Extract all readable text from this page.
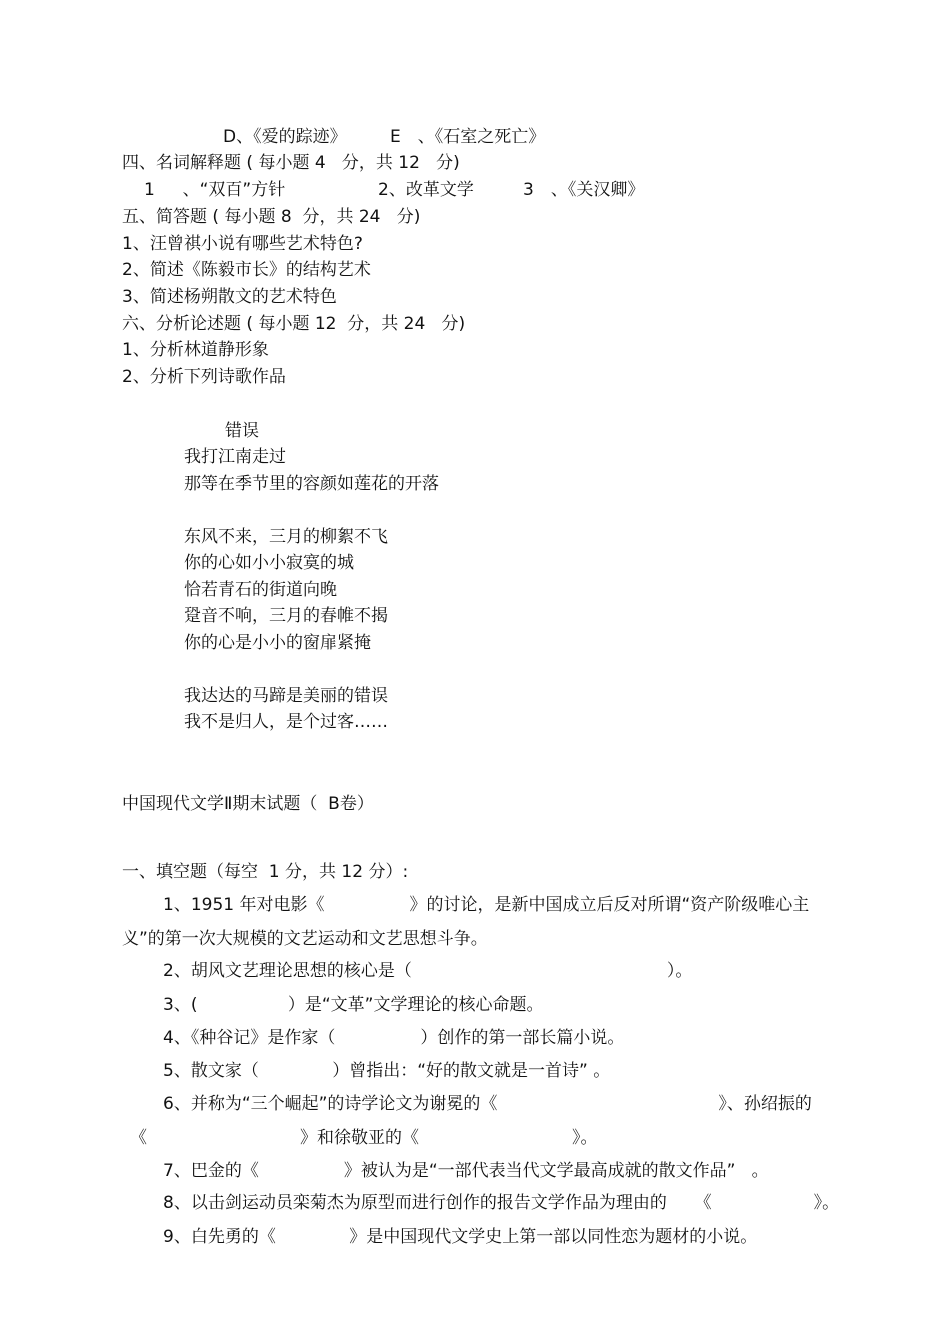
D、《爱的踪迹》	E　、《石室之死亡》
四、名词解释题 ( 每小题 4   分，共 12   分)
1  　、“双百”方针	2、改革文学	3　、《关汉卿》
五、简答题 ( 每小题 8  分，共 24   分)
1、汪曾祺小说有哪些艺术特色?
2、简述《陈毅市长》的结构艺术
3、简述杨朔散文的艺术特色
六、分析论述题 ( 每小题 12  分，共 24   分)
1、分析林道静形象
2、分析下列诗歌作品
错误
我打江南走过
那等在季节里的容颜如莲花的开落
东风不来，三月的柳絮不飞
你的心如小小寂寞的城
恰若青石的街道向晚
跫音不响，三月的春帷不揭
你的心是小小的窗扉紧掩
我达达的马蹄是美丽的错误
我不是归人，是个过客……
中国现代文学Ⅱ期末试题（  B卷）
一、填空题（每空  1 分，共 12 分）:
1、1951 年对电影《　　　　　》的讨论，是新中国成立后反对所谓“资产阶级唯心主
义”的第一次大规模的文艺运动和文艺思想斗争。
2、胡风文艺理论思想的核心是（　　　　　　　　　　　　　　　）。
3、(　　　　　 ）是“文革”文学理论的核心命题。
4、《种谷记》是作家（　　　　　）创作的第一部长篇小说。
5、散文家（　　　　 ）曾指出：“好的散文就是一首诗” 。
6、并称为“三个崛起”的诗学论文为谢冕的《　　　　　　　　　　　　　》、孙绍振的
《　　　　　　　　　》和徐敬亚的《　　　　　　　　　》。
7、巴金的《　　　　　》被认为是“一部代表当代文学最高成就的散文作品”   。
8、以击剑运动员栾菊杰为原型而进行创作的报告文学作品为理由的 　 《　　　　　　》。
9、白先勇的《　　　　 》是中国现代文学史上第一部以同性恋为题材的小说。
